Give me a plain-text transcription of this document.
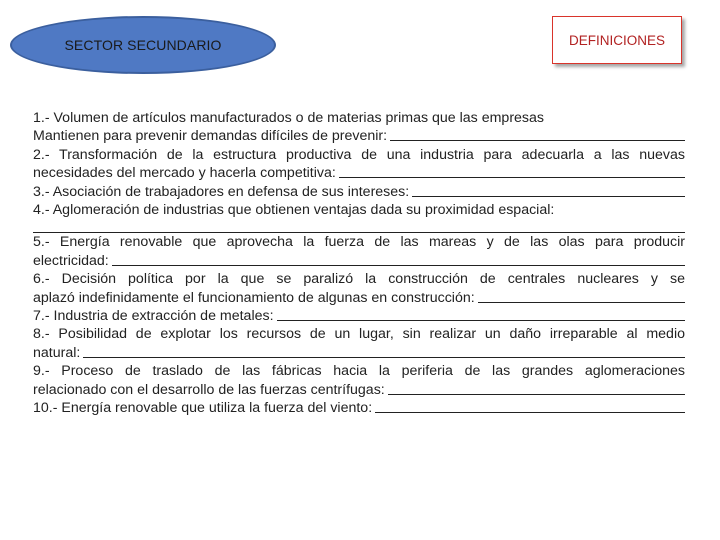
SECTOR SECUNDARIO	DEFINICIONES
1.- Volumen de artículos manufacturados o de materias primas que las empresas
Mantienen para prevenir demandas difíciles de prevenir:
2.- Transformación de la estructura productiva de una industria para adecuarla a las nuevas
necesidades del mercado y hacerla competitiva:
3.- Asociación de trabajadores en defensa de sus intereses:
4.- Aglomeración de industrias que obtienen ventajas dada su proximidad espacial:
5.- Energía renovable que aprovecha la fuerza de las mareas y de las olas para producir
electricidad:
6.- Decisión política por la que se paralizó la construcción de centrales nucleares y se
aplazó indefinidamente el funcionamiento de algunas en construcción:
7.- Industria de extracción de metales:
8.- Posibilidad de explotar los recursos de un lugar, sin realizar un daño irreparable al medio
natural:
9.- Proceso de traslado de las fábricas hacia la periferia de las grandes aglomeraciones
relacionado con el desarrollo de las fuerzas centrífugas:
10.- Energía renovable que utiliza la fuerza del viento:
